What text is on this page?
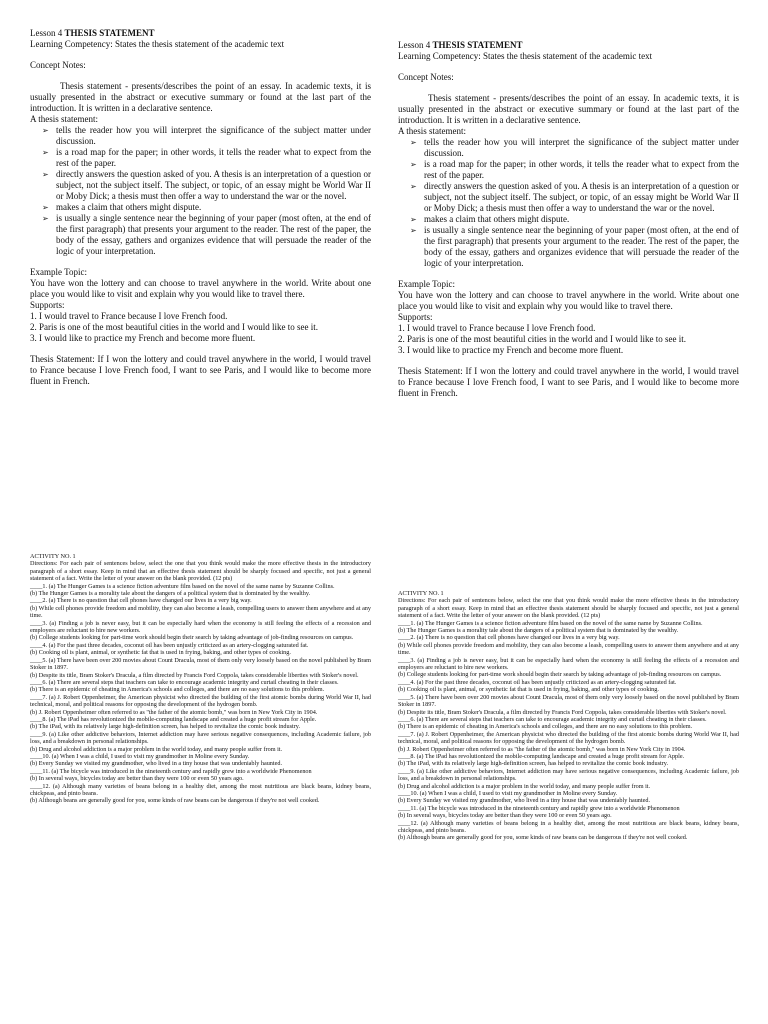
Lesson 4 THESIS STATEMENT

Learning Competency: States the thesis statement of the academic text

Concept Notes:

Thesis statement - presents/describes the point of an essay. In academic texts, it is usually presented in the abstract or executive summary or found at the last part of the introduction. It is written in a declarative sentence.

A thesis statement:

➢ tells the reader how you will interpret the significance of the subject matter under discussion.
➢ is a road map for the paper; in other words, it tells the reader what to expect from the rest of the paper.
➢ directly answers the question asked of you. A thesis is an interpretation of a question or subject, not the subject itself. The subject, or topic, of an essay might be World War II or Moby Dick; a thesis must then offer a way to understand the war or the novel.
➢ makes a claim that others might dispute.
➢ is usually a single sentence near the beginning of your paper (most often, at the end of the first paragraph) that presents your argument to the reader. The rest of the paper, the body of the essay, gathers and organizes evidence that will persuade the reader of the logic of your interpretation.

Example Topic:

You have won the lottery and can choose to travel anywhere in the world. Write about one place you would like to visit and explain why you would like to travel there.

Supports:

1. I would travel to France because I love French food.

2. Paris is one of the most beautiful cities in the world and I would like to see it.

3. I would like to practice my French and become more fluent.

Thesis Statement: If I won the lottery and could travel anywhere in the world, I would travel to France because I love French food, I want to see Paris, and I would like to become more fluent in French.

Lesson 4 THESIS STATEMENT

Learning Competency: States the thesis statement of the academic text

Concept Notes:

Thesis statement - presents/describes the point of an essay. In academic texts, it is usually presented in the abstract or executive summary or found at the last part of the introduction. It is written in a declarative sentence.

A thesis statement:

➢ tells the reader how you will interpret the significance of the subject matter under discussion.
➢ is a road map for the paper; in other words, it tells the reader what to expect from the rest of the paper.
➢ directly answers the question asked of you. A thesis is an interpretation of a question or subject, not the subject itself. The subject, or topic, of an essay might be World War II or Moby Dick; a thesis must then offer a way to understand the war or the novel.
➢ makes a claim that others might dispute.
➢ is usually a single sentence near the beginning of your paper (most often, at the end of the first paragraph) that presents your argument to the reader. The rest of the paper, the body of the essay, gathers and organizes evidence that will persuade the reader of the logic of your interpretation.

Example Topic:

You have won the lottery and can choose to travel anywhere in the world. Write about one place you would like to visit and explain why you would like to travel there.

Supports:

1. I would travel to France because I love French food.

2. Paris is one of the most beautiful cities in the world and I would like to see it.

3. I would like to practice my French and become more fluent.

Thesis Statement: If I won the lottery and could travel anywhere in the world, I would travel to France because I love French food, I want to see Paris, and I would like to become more fluent in French.

ACTIVITY NO. 1

Directions: For each pair of sentences below, select the one that you think would make the more effective thesis in the introductory paragraph of a short essay. Keep in mind that an effective thesis statement should be sharply focused and specific, not just a general statement of a fact. Write the letter of your answer on the blank provided. (12 pts)

____1. (a) The Hunger Games is a science fiction adventure film based on the novel of the same name by Suzanne Collins.

(b) The Hunger Games is a morality tale about the dangers of a political system that is dominated by the wealthy.

____2. (a) There is no question that cell phones have changed our lives in a very big way.

(b) While cell phones provide freedom and mobility, they can also become a leash, compelling users to answer them anywhere and at any time.

____3. (a) Finding a job is never easy, but it can be especially hard when the economy is still feeling the effects of a recession and employers are reluctant to hire new workers.

(b) College students looking for part-time work should begin their search by taking advantage of job-finding resources on campus.

____4. (a) For the past three decades, coconut oil has been unjustly criticized as an artery-clogging saturated fat.

(b) Cooking oil is plant, animal, or synthetic fat that is used in frying, baking, and other types of cooking.

____5. (a) There have been over 200 movies about Count Dracula, most of them only very loosely based on the novel published by Bram Stoker in 1897.

(b) Despite its title, Bram Stoker's Dracula, a film directed by Francis Ford Coppola, takes considerable liberties with Stoker's novel.

____6. (a) There are several steps that teachers can take to encourage academic integrity and curtail cheating in their classes.

(b) There is an epidemic of cheating in America's schools and colleges, and there are no easy solutions to this problem.

____7. (a) J. Robert Oppenheimer, the American physicist who directed the building of the first atomic bombs during World War II, had technical, moral, and political reasons for opposing the development of the hydrogen bomb.

(b) J. Robert Oppenheimer often referred to as "the father of the atomic bomb," was born in New York City in 1904.

____8. (a) The iPad has revolutionized the mobile-computing landscape and created a huge profit stream for Apple.

(b) The iPad, with its relatively large high-definition screen, has helped to revitalize the comic book industry.

____9. (a) Like other addictive behaviors, Internet addiction may have serious negative consequences, including Academic failure, job loss, and a breakdown in personal relationships.

(b) Drug and alcohol addiction is a major problem in the world today, and many people suffer from it.

____10. (a) When I was a child, I used to visit my grandmother in Moline every Sunday.

(b) Every Sunday we visited my grandmother, who lived in a tiny house that was undeniably haunted.

____11. (a) The bicycle was introduced in the nineteenth century and rapidly grew into a worldwide Phenomenon

(b) In several ways, bicycles today are better than they were 100 or even 50 years ago.

____12. (a) Although many varieties of beans belong in a healthy diet, among the most nutritious are black beans, kidney beans, chickpeas, and pinto beans.

(b) Although beans are generally good for you, some kinds of raw beans can be dangerous if they're not well cooked.

ACTIVITY NO. 1

Directions: For each pair of sentences below, select the one that you think would make the more effective thesis in the introductory paragraph of a short essay. Keep in mind that an effective thesis statement should be sharply focused and specific, not just a general statement of a fact. Write the letter of your answer on the blank provided. (12 pts)

____1. (a) The Hunger Games is a science fiction adventure film based on the novel of the same name by Suzanne Collins.

(b) The Hunger Games is a morality tale about the dangers of a political system that is dominated by the wealthy.

____2. (a) There is no question that cell phones have changed our lives in a very big way.

(b) While cell phones provide freedom and mobility, they can also become a leash, compelling users to answer them anywhere and at any time.

____3. (a) Finding a job is never easy, but it can be especially hard when the economy is still feeling the effects of a recession and employers are reluctant to hire new workers.

(b) College students looking for part-time work should begin their search by taking advantage of job-finding resources on campus.

____4. (a) For the past three decades, coconut oil has been unjustly criticized as an artery-clogging saturated fat.

(b) Cooking oil is plant, animal, or synthetic fat that is used in frying, baking, and other types of cooking.

____5. (a) There have been over 200 movies about Count Dracula, most of them only very loosely based on the novel published by Bram Stoker in 1897.

(b) Despite its title, Bram Stoker's Dracula, a film directed by Francis Ford Coppola, takes considerable liberties with Stoker's novel.

____6. (a) There are several steps that teachers can take to encourage academic integrity and curtail cheating in their classes.

(b) There is an epidemic of cheating in America's schools and colleges, and there are no easy solutions to this problem.

____7. (a) J. Robert Oppenheimer, the American physicist who directed the building of the first atomic bombs during World War II, had technical, moral, and political reasons for opposing the development of the hydrogen bomb.

(b) J. Robert Oppenheimer often referred to as "the father of the atomic bomb," was born in New York City in 1904.

____8. (a) The iPad has revolutionized the mobile-computing landscape and created a huge profit stream for Apple.

(b) The iPad, with its relatively large high-definition screen, has helped to revitalize the comic book industry.

____9. (a) Like other addictive behaviors, Internet addiction may have serious negative consequences, including Academic failure, job loss, and a breakdown in personal relationships.

(b) Drug and alcohol addiction is a major problem in the world today, and many people suffer from it.

____10. (a) When I was a child, I used to visit my grandmother in Moline every Sunday.

(b) Every Sunday we visited my grandmother, who lived in a tiny house that was undeniably haunted.

____11. (a) The bicycle was introduced in the nineteenth century and rapidly grew into a worldwide Phenomenon

(b) In several ways, bicycles today are better than they were 100 or even 50 years ago.

____12. (a) Although many varieties of beans belong in a healthy diet, among the most nutritious are black beans, kidney beans, chickpeas, and pinto beans.

(b) Although beans are generally good for you, some kinds of raw beans can be dangerous if they're not well cooked.
